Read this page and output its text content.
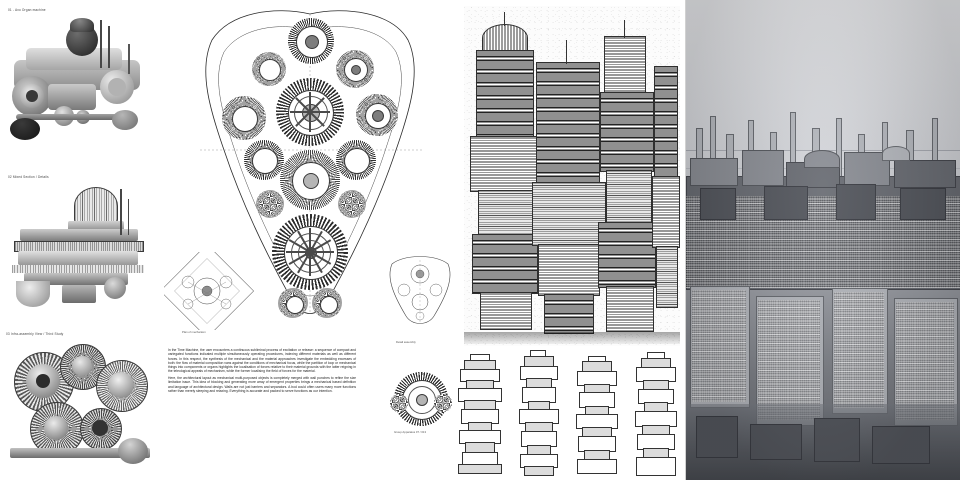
01 - Axo Organ machine
02 Mixed Section / Details
03 Infra-assembly View / Third Study	Plan of mechanism
Detail assembly

In the Time Machine, the user encounters a continuous subliminal process of excitation or release: a sequence of compact and variegated functions indicated multiple simultaneously operating procedures, indexing different materials as well as different forces. In this respect, the synthesis of the mechanical and the material approaches investigate the embedding excesses of both: the flow of material composition vans against the conditions of mechanical focus, while the partition of loop or mechanical things into components or organs highlights the localisation of forces relative to their material grounds with the latter reigning in the teleological appeals of mechanism, while the former localising the field of forces for the material.

Here, the architectural layout as mechanical multi-purposed objects is completely merged with wall punches to refine the size limitation issue. This idea of blocking and generating more array of emergent properties brings a mechanical based definition and language of architectural design. Walls are not just barriers and separators. A bod could often users many more functions rather than merely sleeping and relaxing. Everything is accurate and packed to serve functions as our intention.

Group Apparatus 07 / 013
